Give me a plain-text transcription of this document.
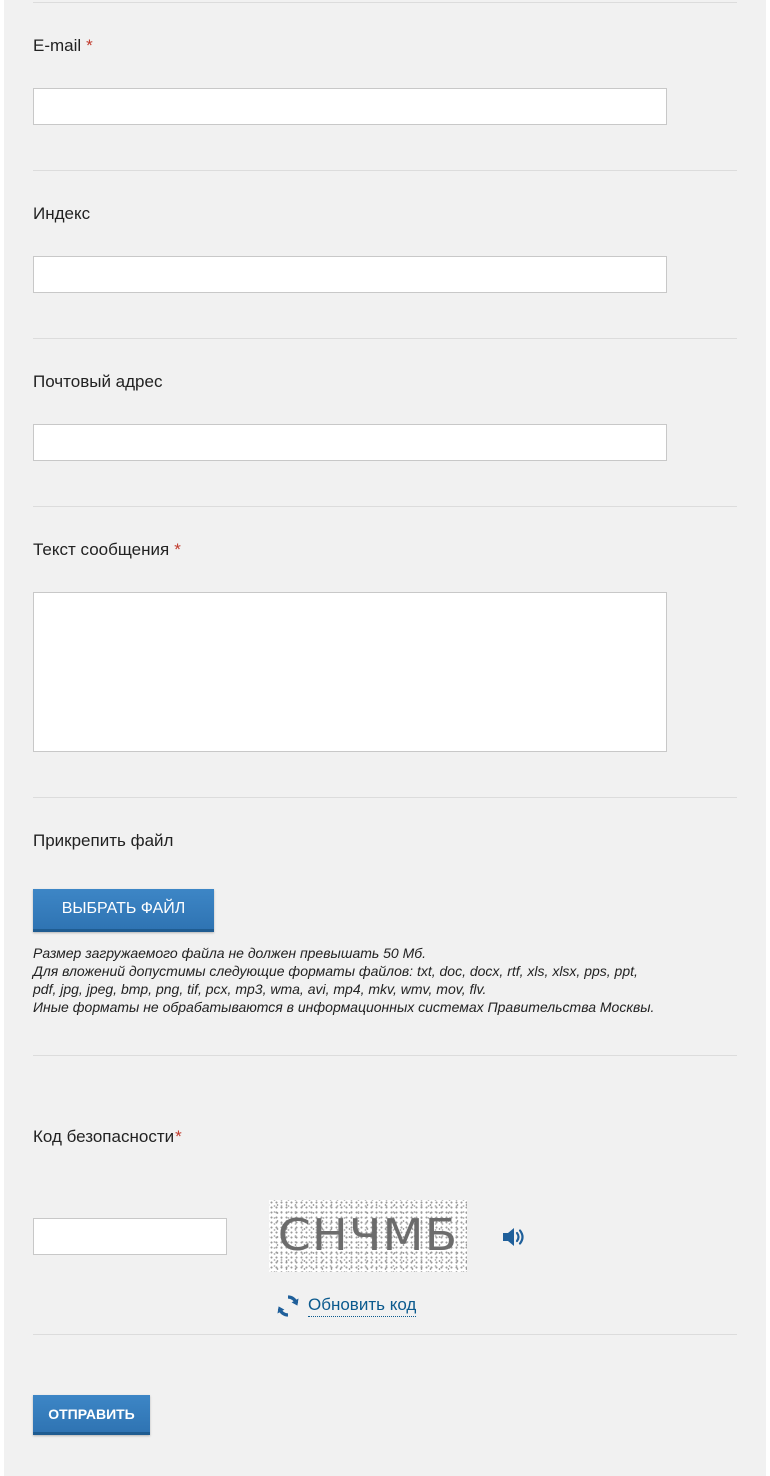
E-mail *
Индекс
Почтовый адрес
Текст сообщения *
Прикрепить файл
ВЫБРАТЬ ФАЙЛ
Размер загружаемого файла не должен превышать 50 Мб.
Для вложений допустимы следующие форматы файлов: txt, doc, docx, rtf, xls, xlsx, pps, ppt,
pdf, jpg, jpeg, bmp, png, tif, pcx, mp3, wma, avi, mp4, mkv, wmv, mov, flv.
Иные форматы не обрабатываются в информационных системах Правительства Москвы.
Код безопасности*
СНЧМБ
Обновить код
ОТПРАВИТЬ
